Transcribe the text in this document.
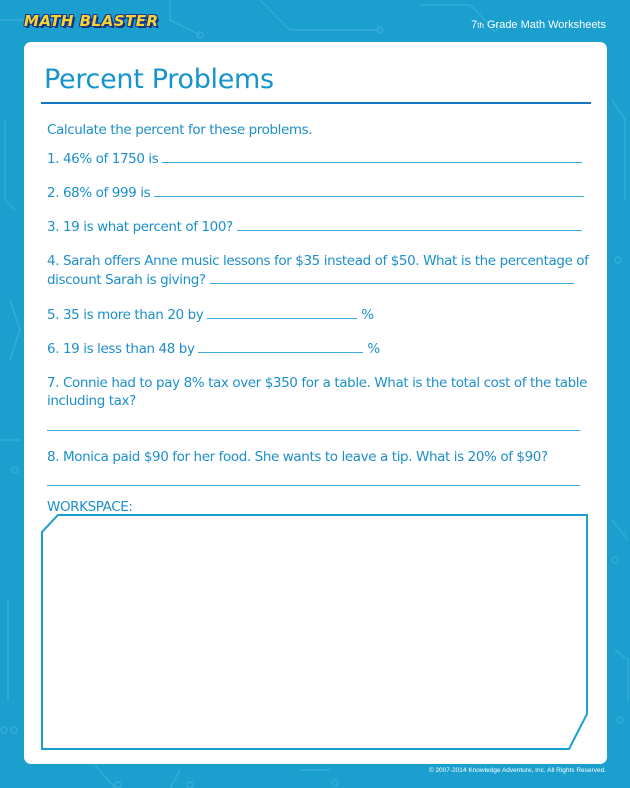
MATH BLASTER	7th Grade Math Worksheets
Percent Problems
Calculate the percent for these problems.
1. 46% of 1750 is
2. 68% of 999 is
3. 19 is what percent of 100?
4. Sarah offers Anne music lessons for $35 instead of $50. What is the percentage of
discount Sarah is giving?
5. 35 is more than 20 by	%
6. 19 is less than 48 by	%
7. Connie had to pay 8% tax over $350 for a table. What is the total cost of the table
including tax?
8. Monica paid $90 for her food. She wants to leave a tip. What is 20% of $90?
WORKSPACE:
© 2007-2014 Knowledge Adventure, Inc. All Rights Reserved.
